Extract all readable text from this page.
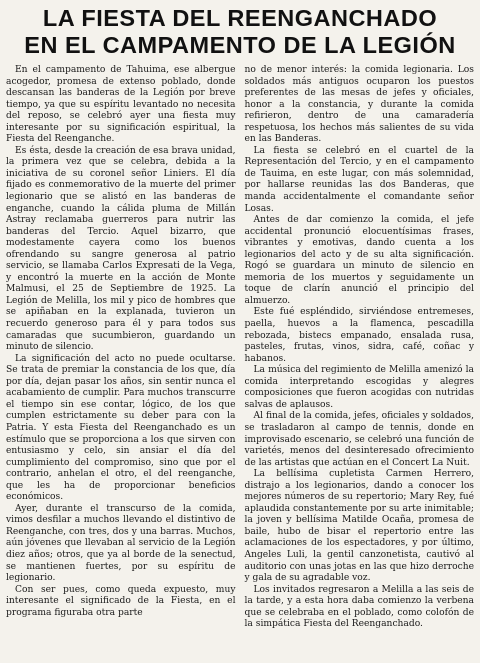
LA FIESTA DEL REENGANCHADO
EN EL CAMPAMENTO DE LA LEGIÓN

En el campamento de Tahuima, ese albergue acogedor, promesa de extenso poblado, donde descansan las banderas de la Legión por breve tiempo, ya que su espíritu levantado no necesita del reposo, se celebró ayer una fiesta muy interesante por su significación espiritual, la Fiesta del Reenganche.

Es ésta, desde la creación de esa brava unidad, la primera vez que se celebra, debida a la iniciativa de su coronel señor Liniers. El día fijado es conmemorativo de la muerte del primer legionario que se alistó en las banderas de enganche, cuando la cálida pluma de Millán Astray reclamaba guerreros para nutrir las banderas del Tercio. Aquel bizarro, que modestamente cayera como los buenos ofrendando su sangre generosa al patrio servicio, se llamaba Carlos Expresati de la Vega, y encontró la muerte en la acción de Monte Malmusi, el 25 de Septiembre de 1925. La Legión de Melilla, los mil y pico de hombres que se apiñaban en la explanada, tuvieron un recuerdo generoso para él y para todos sus camaradas que sucumbieron, guardando un minuto de silencio.

La significación del acto no puede ocultarse. Se trata de premiar la constancia de los que, día por día, dejan pasar los años, sin sentir nunca el acabamiento de cumplir. Para muchos transcurre el tiempo sin ese contar, lógico, de los que cumplen estrictamente su deber para con la Patria. Y esta Fiesta del Reenganchado es un estímulo que se proporciona a los que sirven con entusiasmo y celo, sin ansiar el día del cumplimiento del compromiso, sino que por el contrario, anhelan el otro, el del reenganche, que les ha de proporcionar beneficios económicos.

Ayer, durante el transcurso de la comida, vimos desfilar a muchos llevando el distintivo de Reenganche, con tres, dos y una barras. Muchos, aún jóvenes que llevaban al servicio de la Legión diez años; otros, que ya al borde de la senectud, se mantienen fuertes, por su espíritu de legionario.

Con ser pues, como queda expuesto, muy interesante el significado de la Fiesta, en el programa figuraba otra parte

no de menor interés: la comida legionaria. Los soldados más antiguos ocuparon los puestos preferentes de las mesas de jefes y oficiales, honor a la constancia, y durante la comida refirieron, dentro de una camaradería respetuosa, los hechos más salientes de su vida en las Banderas.

La fiesta se celebró en el cuartel de la Representación del Tercio, y en el campamento de Tauima, en este lugar, con más solemnidad, por hallarse reunidas las dos Banderas, que manda accidentalmente el comandante señor Losas.

Antes de dar comienzo la comida, el jefe accidental pronunció elocuentísimas frases, vibrantes y emotivas, dando cuenta a los legionarios del acto y de su alta significación. Rogó se guardara un minuto de silencio en memoria de los muertos y seguidamente un toque de clarín anunció el principio del almuerzo.

Este fué espléndido, sirviéndose entremeses, paella, huevos a la flamenca, pescadilla rebozada, bistecs empanado, ensalada rusa, pasteles, frutas, vinos, sidra, café, coñac y habanos.

La música del regimiento de Melilla amenizó la comida interpretando escogidas y alegres composiciones que fueron acogidas con nutridas salvas de aplausos.

Al final de la comida, jefes, oficiales y soldados, se trasladaron al campo de tennis, donde en improvisado escenario, se celebró una función de varietés, menos del desinteresado ofrecimiento de las artistas que actúan en el Concert La Nuit.

La bellísima cupletista Carmen Herrero, distrajo a los legionarios, dando a conocer los mejores números de su repertorio; Mary Rey, fué aplaudida constantemente por su arte inimitable; la joven y bellísima Matilde Ocaña, promesa de baile, hubo de bisar el repertorio entre las aclamaciones de los espectadores, y por último, Angeles Luli, la gentil canzonetista, cautivó al auditorio con unas jotas en las que hizo derroche y gala de su agradable voz.

Los invitados regresaron a Melilla a las seis de la tarde, y a esta hora daba comienzo la verbena que se celebraba en el poblado, como colofón de la simpática Fiesta del Reenganchado.
